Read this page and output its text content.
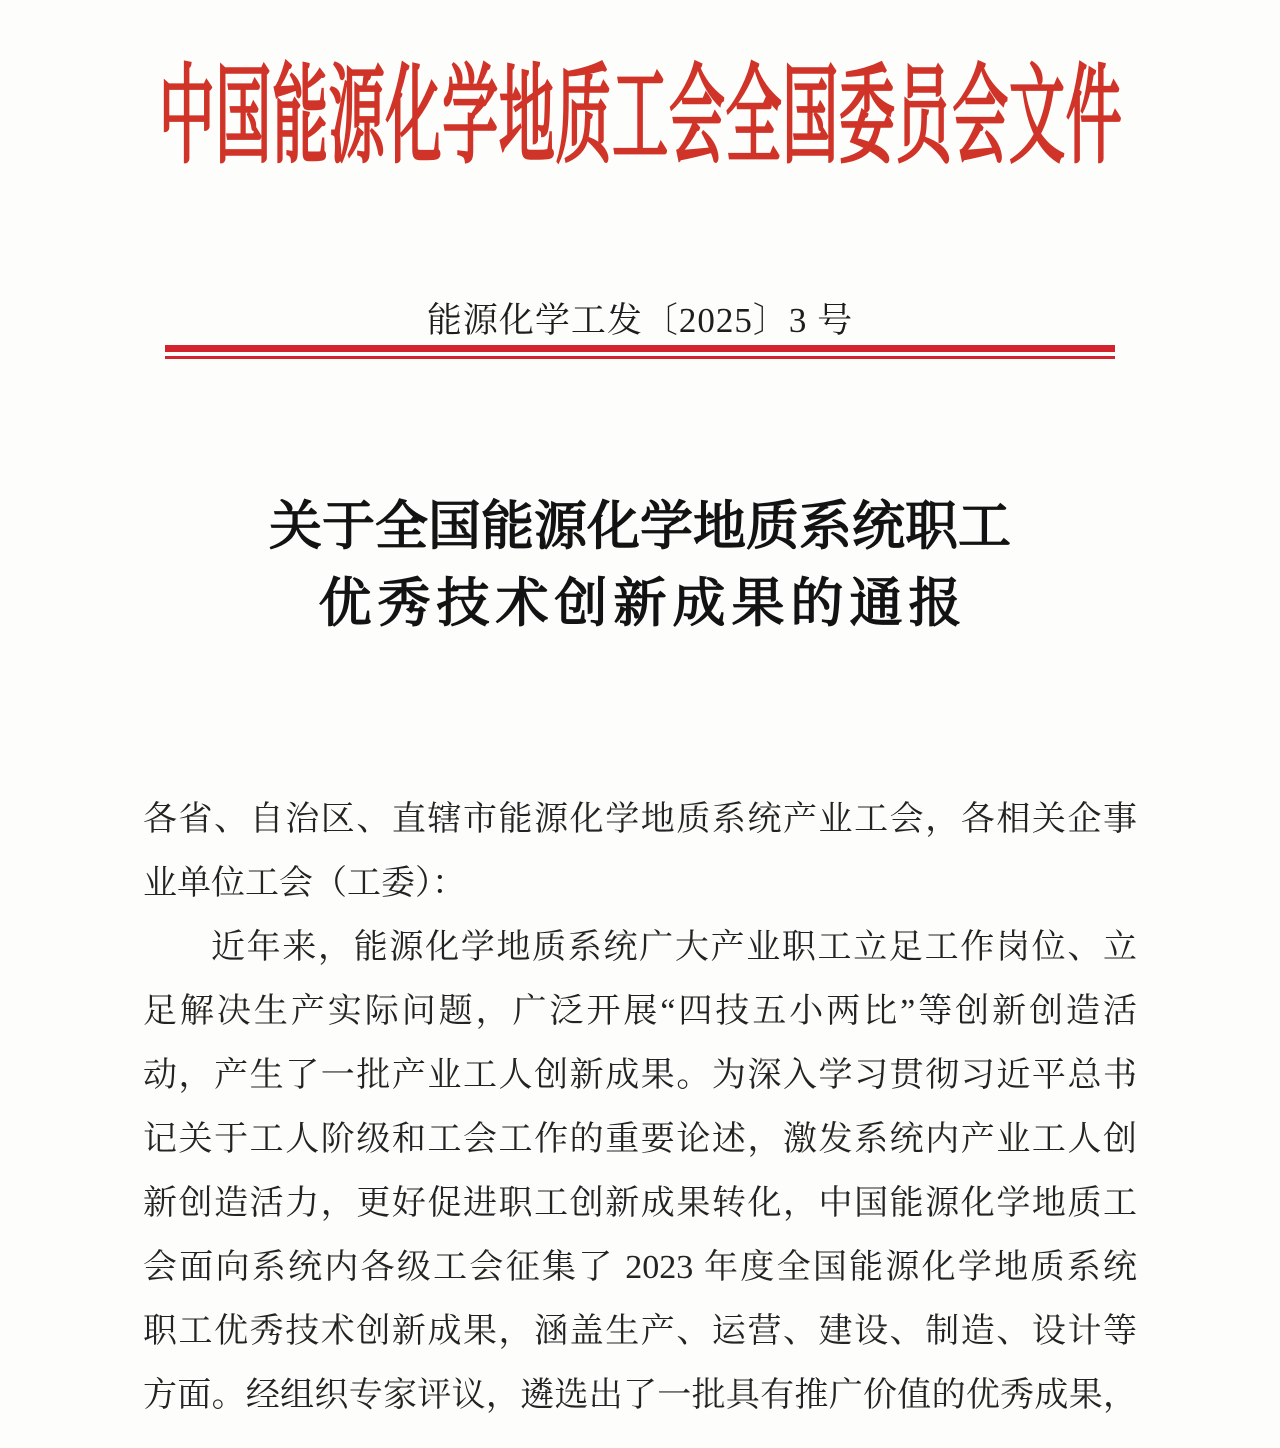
中国能源化学地质工会全国委员会文件
能源化学工发〔2025〕3 号
关于全国能源化学地质系统职工
优秀技术创新成果的通报
各省、自治区、直辖市能源化学地质系统产业工会，各相关企事
业单位工会（工委）：
近年来，能源化学地质系统广大产业职工立足工作岗位、立
足解决生产实际问题，广泛开展“四技五小两比”等创新创造活
动，产生了一批产业工人创新成果。为深入学习贯彻习近平总书
记关于工人阶级和工会工作的重要论述，激发系统内产业工人创
新创造活力，更好促进职工创新成果转化，中国能源化学地质工
会面向系统内各级工会征集了 2023 年度全国能源化学地质系统
职工优秀技术创新成果，涵盖生产、运营、建设、制造、设计等
方面。经组织专家评议，遴选出了一批具有推广价值的优秀成果，
